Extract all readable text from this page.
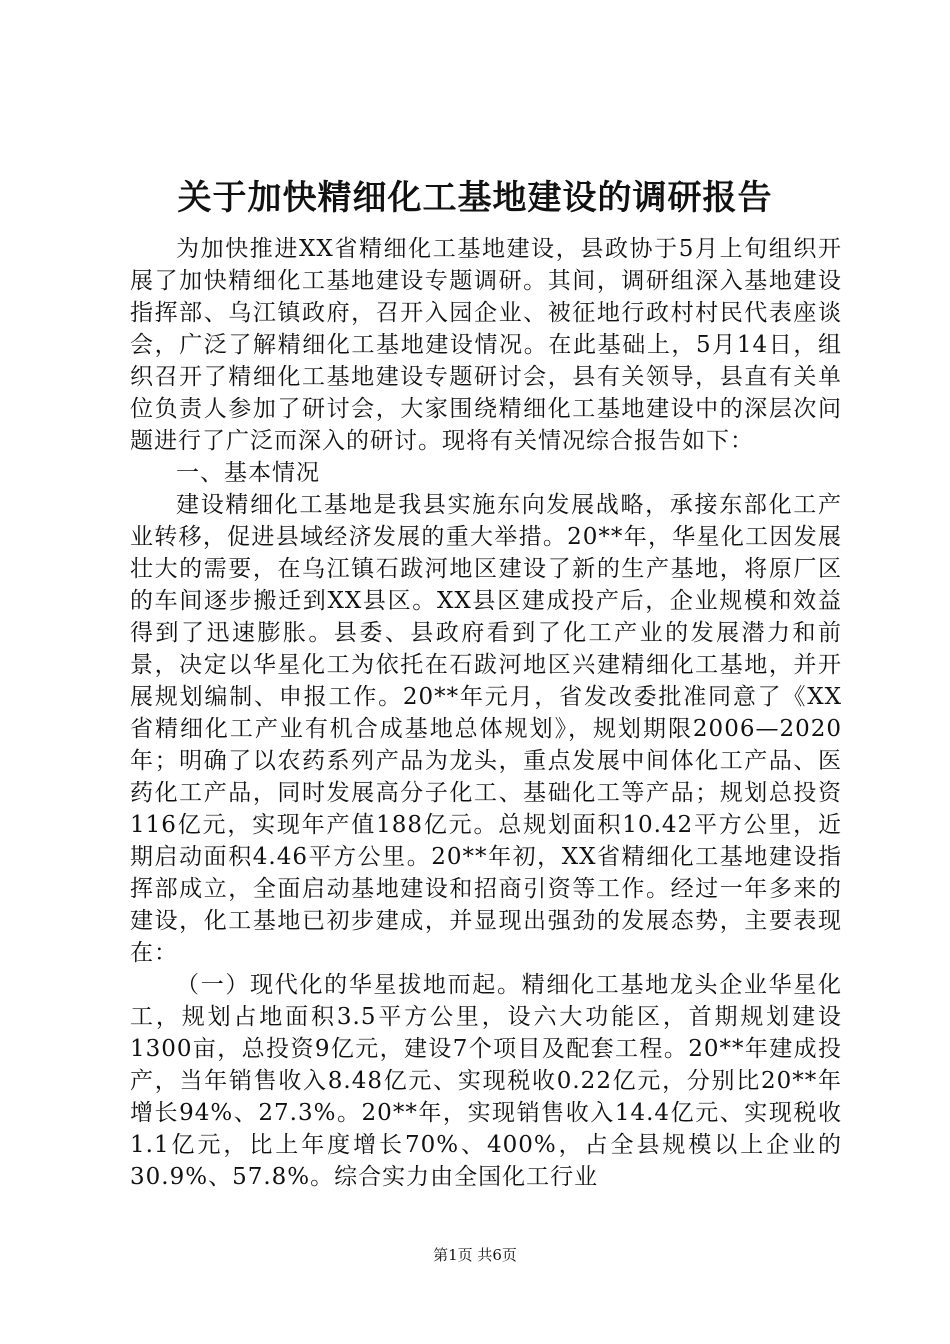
关于加快精细化工基地建设的调研报告

为加快推进XX省精细化工基地建设，县政协于5月上旬组织开展了加快精细化工基地建设专题调研。其间，调研组深入基地建设指挥部、乌江镇政府，召开入园企业、被征地行政村村民代表座谈会，广泛了解精细化工基地建设情况。在此基础上，5月14日，组织召开了精细化工基地建设专题研讨会，县有关领导，县直有关单位负责人参加了研讨会，大家围绕精细化工基地建设中的深层次问题进行了广泛而深入的研讨。现将有关情况综合报告如下：

一、基本情况

建设精细化工基地是我县实施东向发展战略，承接东部化工产业转移，促进县域经济发展的重大举措。20**年，华星化工因发展壮大的需要，在乌江镇石跋河地区建设了新的生产基地，将原厂区的车间逐步搬迁到XX县区。XX县区建成投产后，企业规模和效益得到了迅速膨胀。县委、县政府看到了化工产业的发展潜力和前景，决定以华星化工为依托在石跋河地区兴建精细化工基地，并开展规划编制、申报工作。20**年元月，省发改委批准同意了《XX省精细化工产业有机合成基地总体规划》，规划期限2006—2020年；明确了以农药系列产品为龙头，重点发展中间体化工产品、医药化工产品，同时发展高分子化工、基础化工等产品；规划总投资116亿元，实现年产值188亿元。总规划面积10.42平方公里，近期启动面积4.46平方公里。20**年初，XX省精细化工基地建设指挥部成立，全面启动基地建设和招商引资等工作。经过一年多来的建设，化工基地已初步建成，并显现出强劲的发展态势，主要表现在：

（一）现代化的华星拔地而起。精细化工基地龙头企业华星化工，规划占地面积3.5平方公里，设六大功能区，首期规划建设1300亩，总投资9亿元，建设7个项目及配套工程。20**年建成投产，当年销售收入8.48亿元、实现税收0.22亿元，分别比20**年增长94%、27.3%。20**年，实现销售收入14.4亿元、实现税收1.1亿元，比上年度增长70%、400%，占全县规模以上企业的30.9%、57.8%。综合实力由全国化工行业

第1页 共6页
